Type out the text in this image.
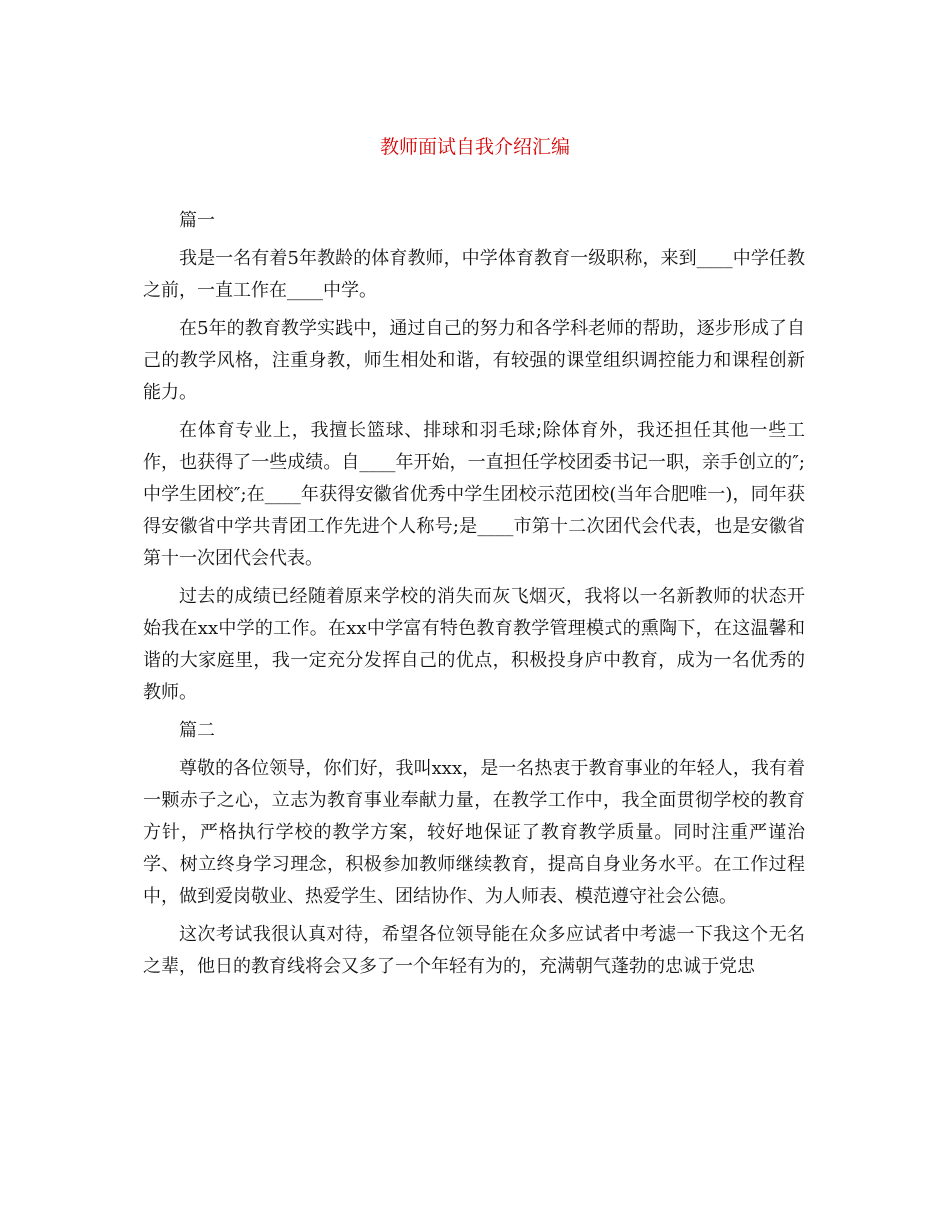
教师面试自我介绍汇编

篇一

我是一名有着5年教龄的体育教师，中学体育教育一级职称，来到____中学任教之前，一直工作在____中学。

在5年的教育教学实践中，通过自己的努力和各学科老师的帮助，逐步形成了自己的教学风格，注重身教，师生相处和谐，有较强的课堂组织调控能力和课程创新能力。

在体育专业上，我擅长篮球、排球和羽毛球;除体育外，我还担任其他一些工作，也获得了一些成绩。自____年开始，一直担任学校团委书记一职，亲手创立的″;中学生团校″;在____年获得安徽省优秀中学生团校示范团校(当年合肥唯一)，同年获得安徽省中学共青团工作先进个人称号;是____市第十二次团代会代表，也是安徽省第十一次团代会代表。

过去的成绩已经随着原来学校的消失而灰飞烟灭，我将以一名新教师的状态开始我在xx中学的工作。在xx中学富有特色教育教学管理模式的熏陶下，在这温馨和谐的大家庭里，我一定充分发挥自己的优点，积极投身庐中教育，成为一名优秀的教师。

篇二

尊敬的各位领导，你们好，我叫xxx，是一名热衷于教育事业的年轻人，我有着一颗赤子之心，立志为教育事业奉献力量，在教学工作中，我全面贯彻学校的教育方针，严格执行学校的教学方案，较好地保证了教育教学质量。同时注重严谨治学、树立终身学习理念，积极参加教师继续教育，提高自身业务水平。在工作过程中，做到爱岗敬业、热爱学生、团结协作、为人师表、模范遵守社会公德。

这次考试我很认真对待，希望各位领导能在众多应试者中考滤一下我这个无名之辈，他日的教育线将会又多了一个年轻有为的，充满朝气蓬勃的忠诚于党忠
